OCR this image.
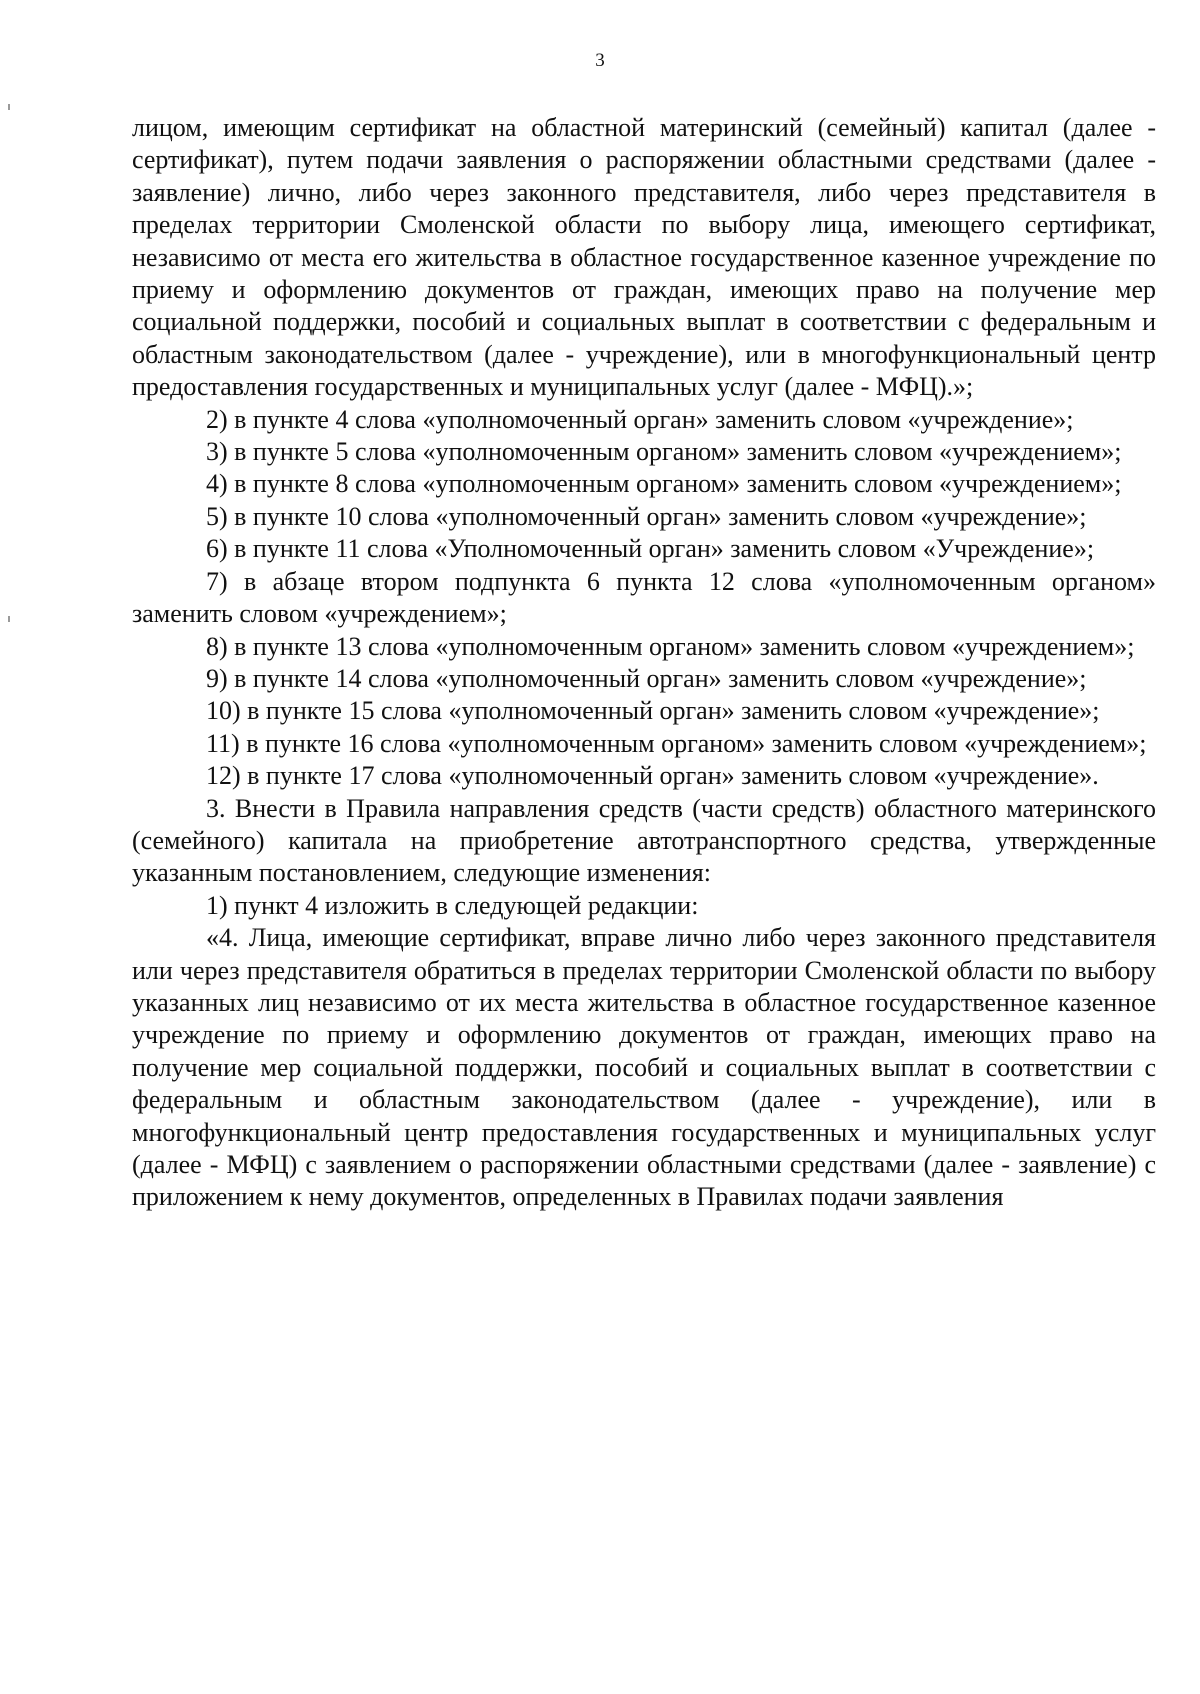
3

лицом, имеющим сертификат на областной материнский (семейный) капитал (далее - сертификат), путем подачи заявления о распоряжении областными средствами (далее - заявление) лично, либо через законного представителя, либо через представителя в пределах территории Смоленской области по выбору лица, имеющего сертификат, независимо от места его жительства в областное государственное казенное учреждение по приему и оформлению документов от граждан, имеющих право на получение мер социальной поддержки, пособий и социальных выплат в соответствии с федеральным и областным законодательством (далее - учреждение), или в многофункциональный центр предоставления государственных и муниципальных услуг (далее - МФЦ).»;

2) в пункте 4 слова «уполномоченный орган» заменить словом «учреждение»;

3) в пункте 5 слова «уполномоченным органом» заменить словом «учреждением»;

4) в пункте 8 слова «уполномоченным органом» заменить словом «учреждением»;

5) в пункте 10 слова «уполномоченный орган» заменить словом «учреждение»;

6) в пункте 11 слова «Уполномоченный орган» заменить словом «Учреждение»;

7) в абзаце втором подпункта 6 пункта 12 слова «уполномоченным органом» заменить словом «учреждением»;

8) в пункте 13 слова «уполномоченным органом» заменить словом «учреждением»;

9) в пункте 14 слова «уполномоченный орган» заменить словом «учреждение»;

10) в пункте 15 слова «уполномоченный орган» заменить словом «учреждение»;

11) в пункте 16 слова «уполномоченным органом» заменить словом «учреждением»;

12) в пункте 17 слова «уполномоченный орган» заменить словом «учреждение».

3. Внести в Правила направления средств (части средств) областного материнского (семейного) капитала на приобретение автотранспортного средства, утвержденные указанным постановлением, следующие изменения:

1) пункт 4 изложить в следующей редакции:

«4. Лица, имеющие сертификат, вправе лично либо через законного представителя или через представителя обратиться в пределах территории Смоленской области по выбору указанных лиц независимо от их места жительства в областное государственное казенное учреждение по приему и оформлению документов от граждан, имеющих право на получение мер социальной поддержки, пособий и социальных выплат в соответствии с федеральным и областным законодательством (далее - учреждение), или в многофункциональный центр предоставления государственных и муниципальных услуг (далее - МФЦ) с заявлением о распоряжении областными средствами (далее - заявление) с приложением к нему документов, определенных в Правилах подачи заявления
